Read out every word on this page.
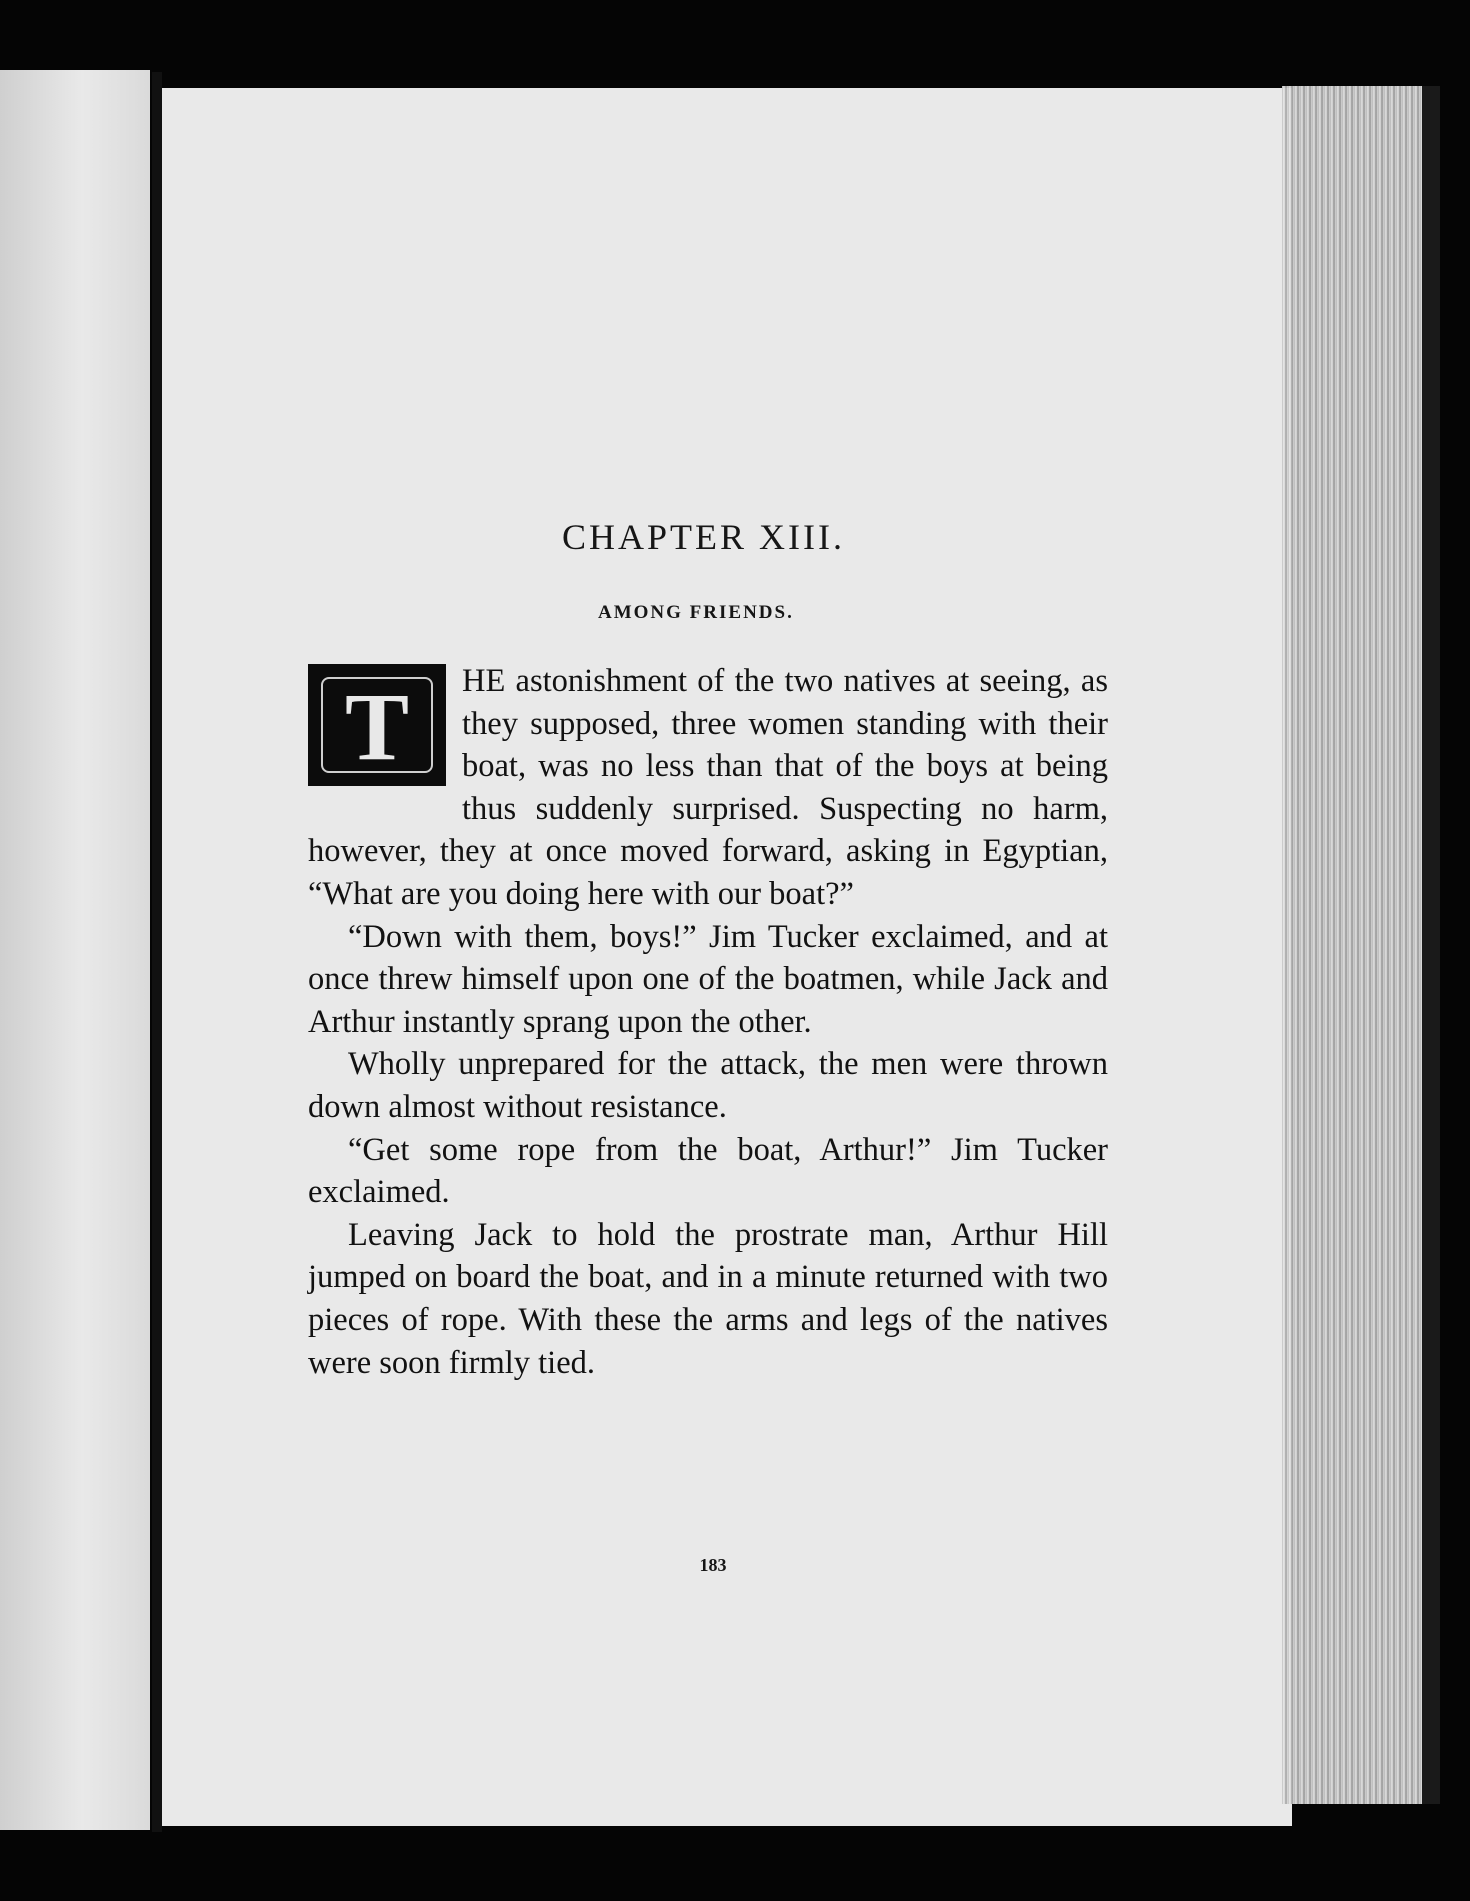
CHAPTER XIII.
AMONG FRIENDS.

T	HE astonishment of the two natives at seeing, as they supposed, three women standing with their boat, was no less than that of the boys at being thus suddenly surprised. Suspecting no harm, however, they at once moved forward, asking in Egyptian, “What are you doing here with our boat?”

“Down with them, boys!” Jim Tucker exclaimed, and at once threw himself upon one of the boatmen, while Jack and Arthur instantly sprang upon the other.

Wholly unprepared for the attack, the men were thrown down almost without resistance.

“Get some rope from the boat, Arthur!” Jim Tucker exclaimed.

Leaving Jack to hold the prostrate man, Arthur Hill jumped on board the boat, and in a minute returned with two pieces of rope. With these the arms and legs of the natives were soon firmly tied.

183
